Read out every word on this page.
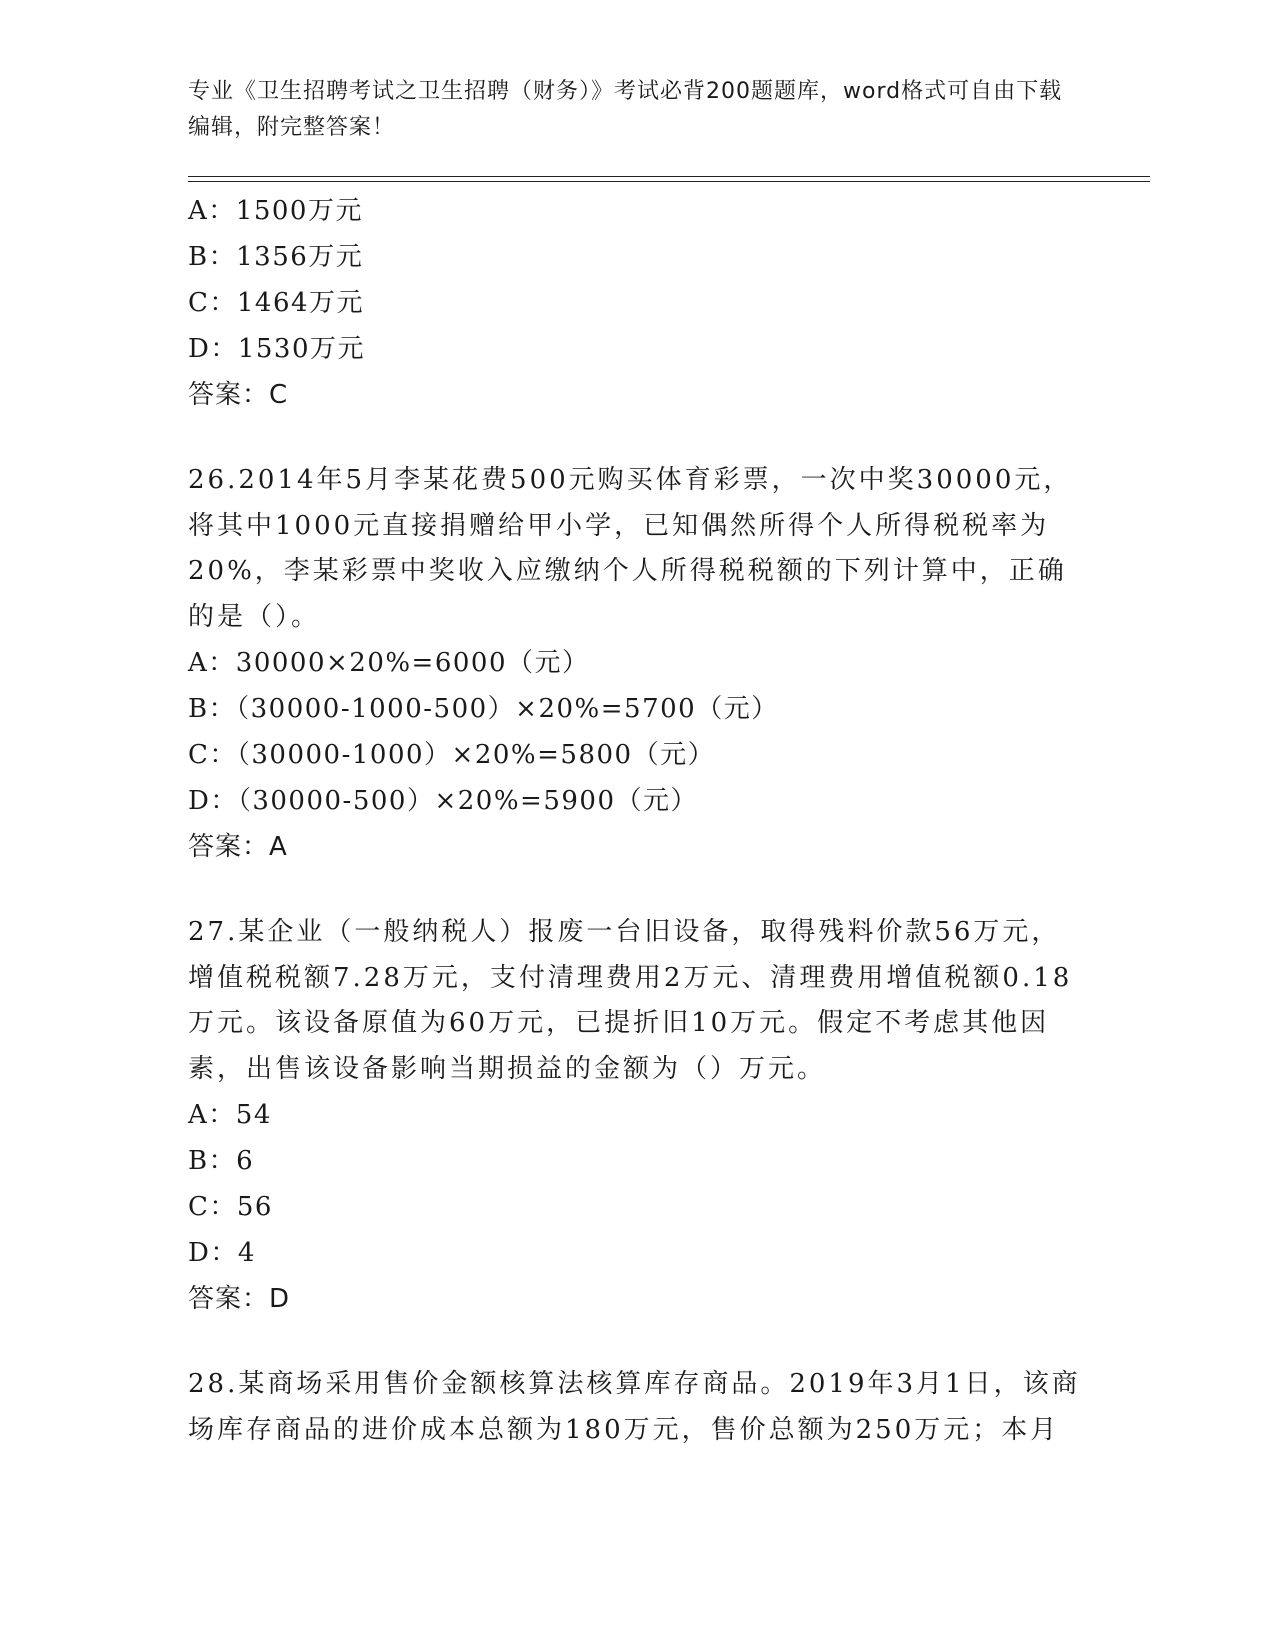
专业《卫生招聘考试之卫生招聘（财务）》考试必背200题题库，word格式可自由下载编辑，附完整答案！
A：1500万元
B：1356万元
C：1464万元
D：1530万元
答案：C
26.2014年5月李某花费500元购买体育彩票，一次中奖30000元，将其中1000元直接捐赠给甲小学，已知偶然所得个人所得税税率为20%，李某彩票中奖收入应缴纳个人所得税税额的下列计算中，正确的是（）。
A：30000×20%=6000（元）
B：（30000-1000-500）×20%=5700（元）
C：（30000-1000）×20%=5800（元）
D：（30000-500）×20%=5900（元）
答案：A
27.某企业（一般纳税人）报废一台旧设备，取得残料价款56万元，增值税税额7.28万元，支付清理费用2万元、清理费用增值税额0.18万元。该设备原值为60万元，已提折旧10万元。假定不考虑其他因素，出售该设备影响当期损益的金额为（）万元。
A：54
B：6
C：56
D：4
答案：D
28.某商场采用售价金额核算法核算库存商品。2019年3月1日，该商场库存商品的进价成本总额为180万元，售价总额为250万元；本月
